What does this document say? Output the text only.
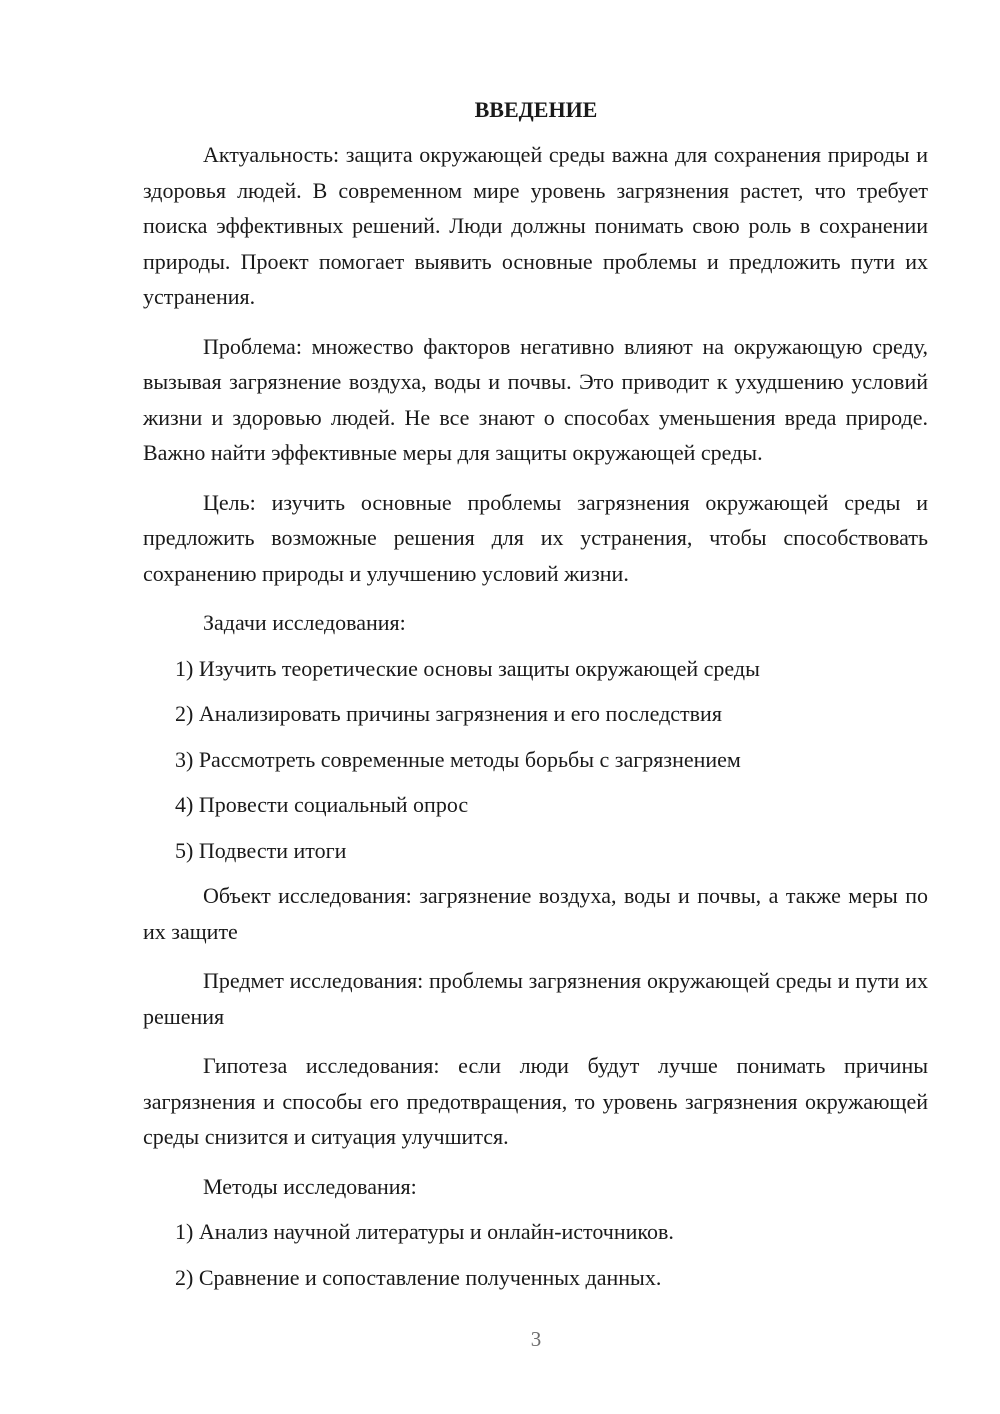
ВВЕДЕНИЕ

Актуальность: защита окружающей среды важна для сохранения природы и здоровья людей. В современном мире уровень загрязнения растет, что требует поиска эффективных решений. Люди должны понимать свою роль в сохранении природы. Проект помогает выявить основные проблемы и предложить пути их устранения.

Проблема: множество факторов негативно влияют на окружающую среду, вызывая загрязнение воздуха, воды и почвы. Это приводит к ухудшению условий жизни и здоровью людей. Не все знают о способах уменьшения вреда природе. Важно найти эффективные меры для защиты окружающей среды.

Цель: изучить основные проблемы загрязнения окружающей среды и предложить возможные решения для их устранения, чтобы способствовать сохранению природы и улучшению условий жизни.

Задачи исследования:

1) Изучить теоретические основы защиты окружающей среды
2) Анализировать причины загрязнения и его последствия
3) Рассмотреть современные методы борьбы с загрязнением
4) Провести социальный опрос
5) Подвести итоги

Объект исследования: загрязнение воздуха, воды и почвы, а также меры по их защите

Предмет исследования: проблемы загрязнения окружающей среды и пути их решения

Гипотеза исследования: если люди будут лучше понимать причины загрязнения и способы его предотвращения, то уровень загрязнения окружающей среды снизится и ситуация улучшится.

Методы исследования:

1) Анализ научной литературы и онлайн-источников.
2) Сравнение и сопоставление полученных данных.
3
